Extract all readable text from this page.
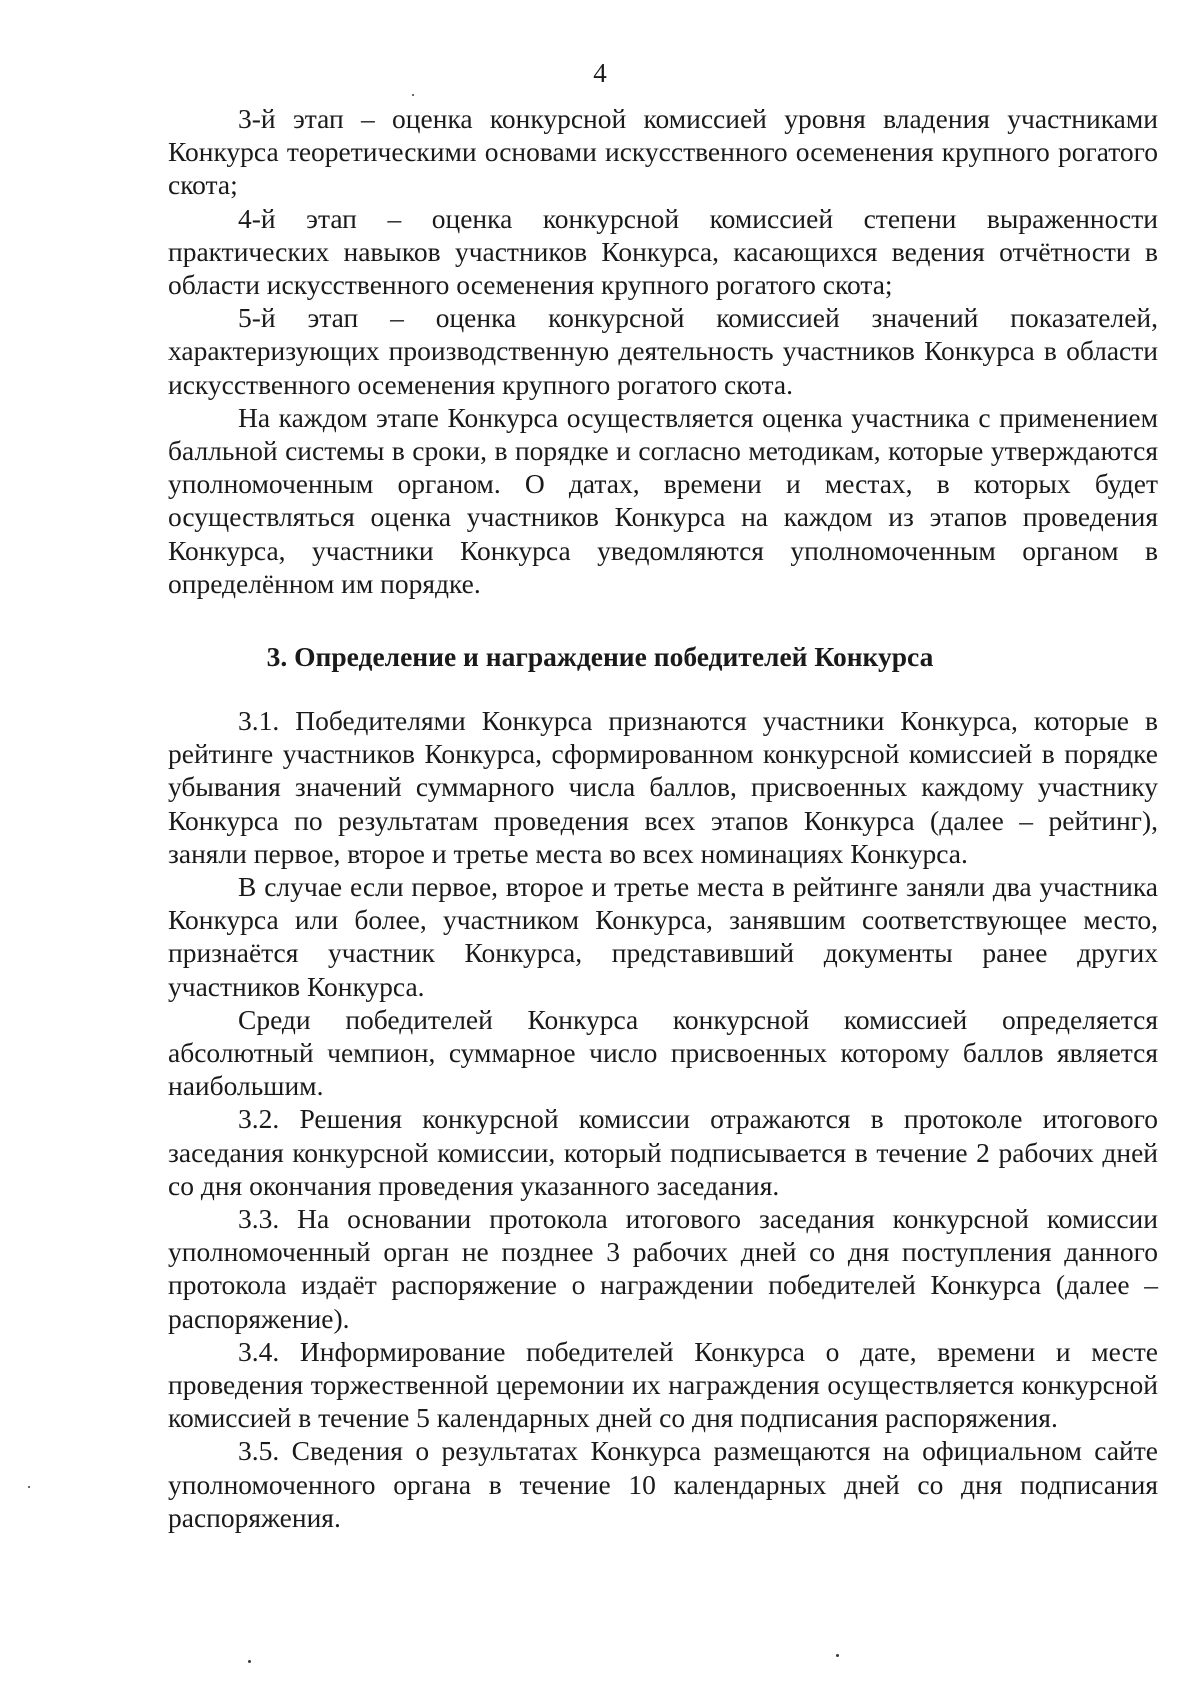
4

3-й этап – оценка конкурсной комиссией уровня владения участниками Конкурса теоретическими основами искусственного осеменения крупного рогатого скота;

4-й этап – оценка конкурсной комиссией степени выраженности практических навыков участников Конкурса, касающихся ведения отчётности в области искусственного осеменения крупного рогатого скота;

5-й этап – оценка конкурсной комиссией значений показателей, характеризующих производственную деятельность участников Конкурса в области искусственного осеменения крупного рогатого скота.

На каждом этапе Конкурса осуществляется оценка участника с применением балльной системы в сроки, в порядке и согласно методикам, которые утверждаются уполномоченным органом. О датах, времени и местах, в которых будет осуществляться оценка участников Конкурса на каждом из этапов проведения Конкурса, участники Конкурса уведомляются уполномоченным органом в определённом им порядке.

3. Определение и награждение победителей Конкурса

3.1. Победителями Конкурса признаются участники Конкурса, которые в рейтинге участников Конкурса, сформированном конкурсной комиссией в порядке убывания значений суммарного числа баллов, присвоенных каждому участнику Конкурса по результатам проведения всех этапов Конкурса (далее – рейтинг), заняли первое, второе и третье места во всех номинациях Конкурса.

В случае если первое, второе и третье места в рейтинге заняли два участника Конкурса или более, участником Конкурса, занявшим соответствующее место, признаётся участник Конкурса, представивший документы ранее других участников Конкурса.

Среди победителей Конкурса конкурсной комиссией определяется абсолютный чемпион, суммарное число присвоенных которому баллов является наибольшим.

3.2. Решения конкурсной комиссии отражаются в протоколе итогового заседания конкурсной комиссии, который подписывается в течение 2 рабочих дней со дня окончания проведения указанного заседания.

3.3. На основании протокола итогового заседания конкурсной комиссии уполномоченный орган не позднее 3 рабочих дней со дня поступления данного протокола издаёт распоряжение о награждении победителей Конкурса (далее – распоряжение).

3.4. Информирование победителей Конкурса о дате, времени и месте проведения торжественной церемонии их награждения осуществляется конкурсной комиссией в течение 5 календарных дней со дня подписания распоряжения.

3.5. Сведения о результатах Конкурса размещаются на официальном сайте уполномоченного органа в течение 10 календарных дней со дня подписания распоряжения.
